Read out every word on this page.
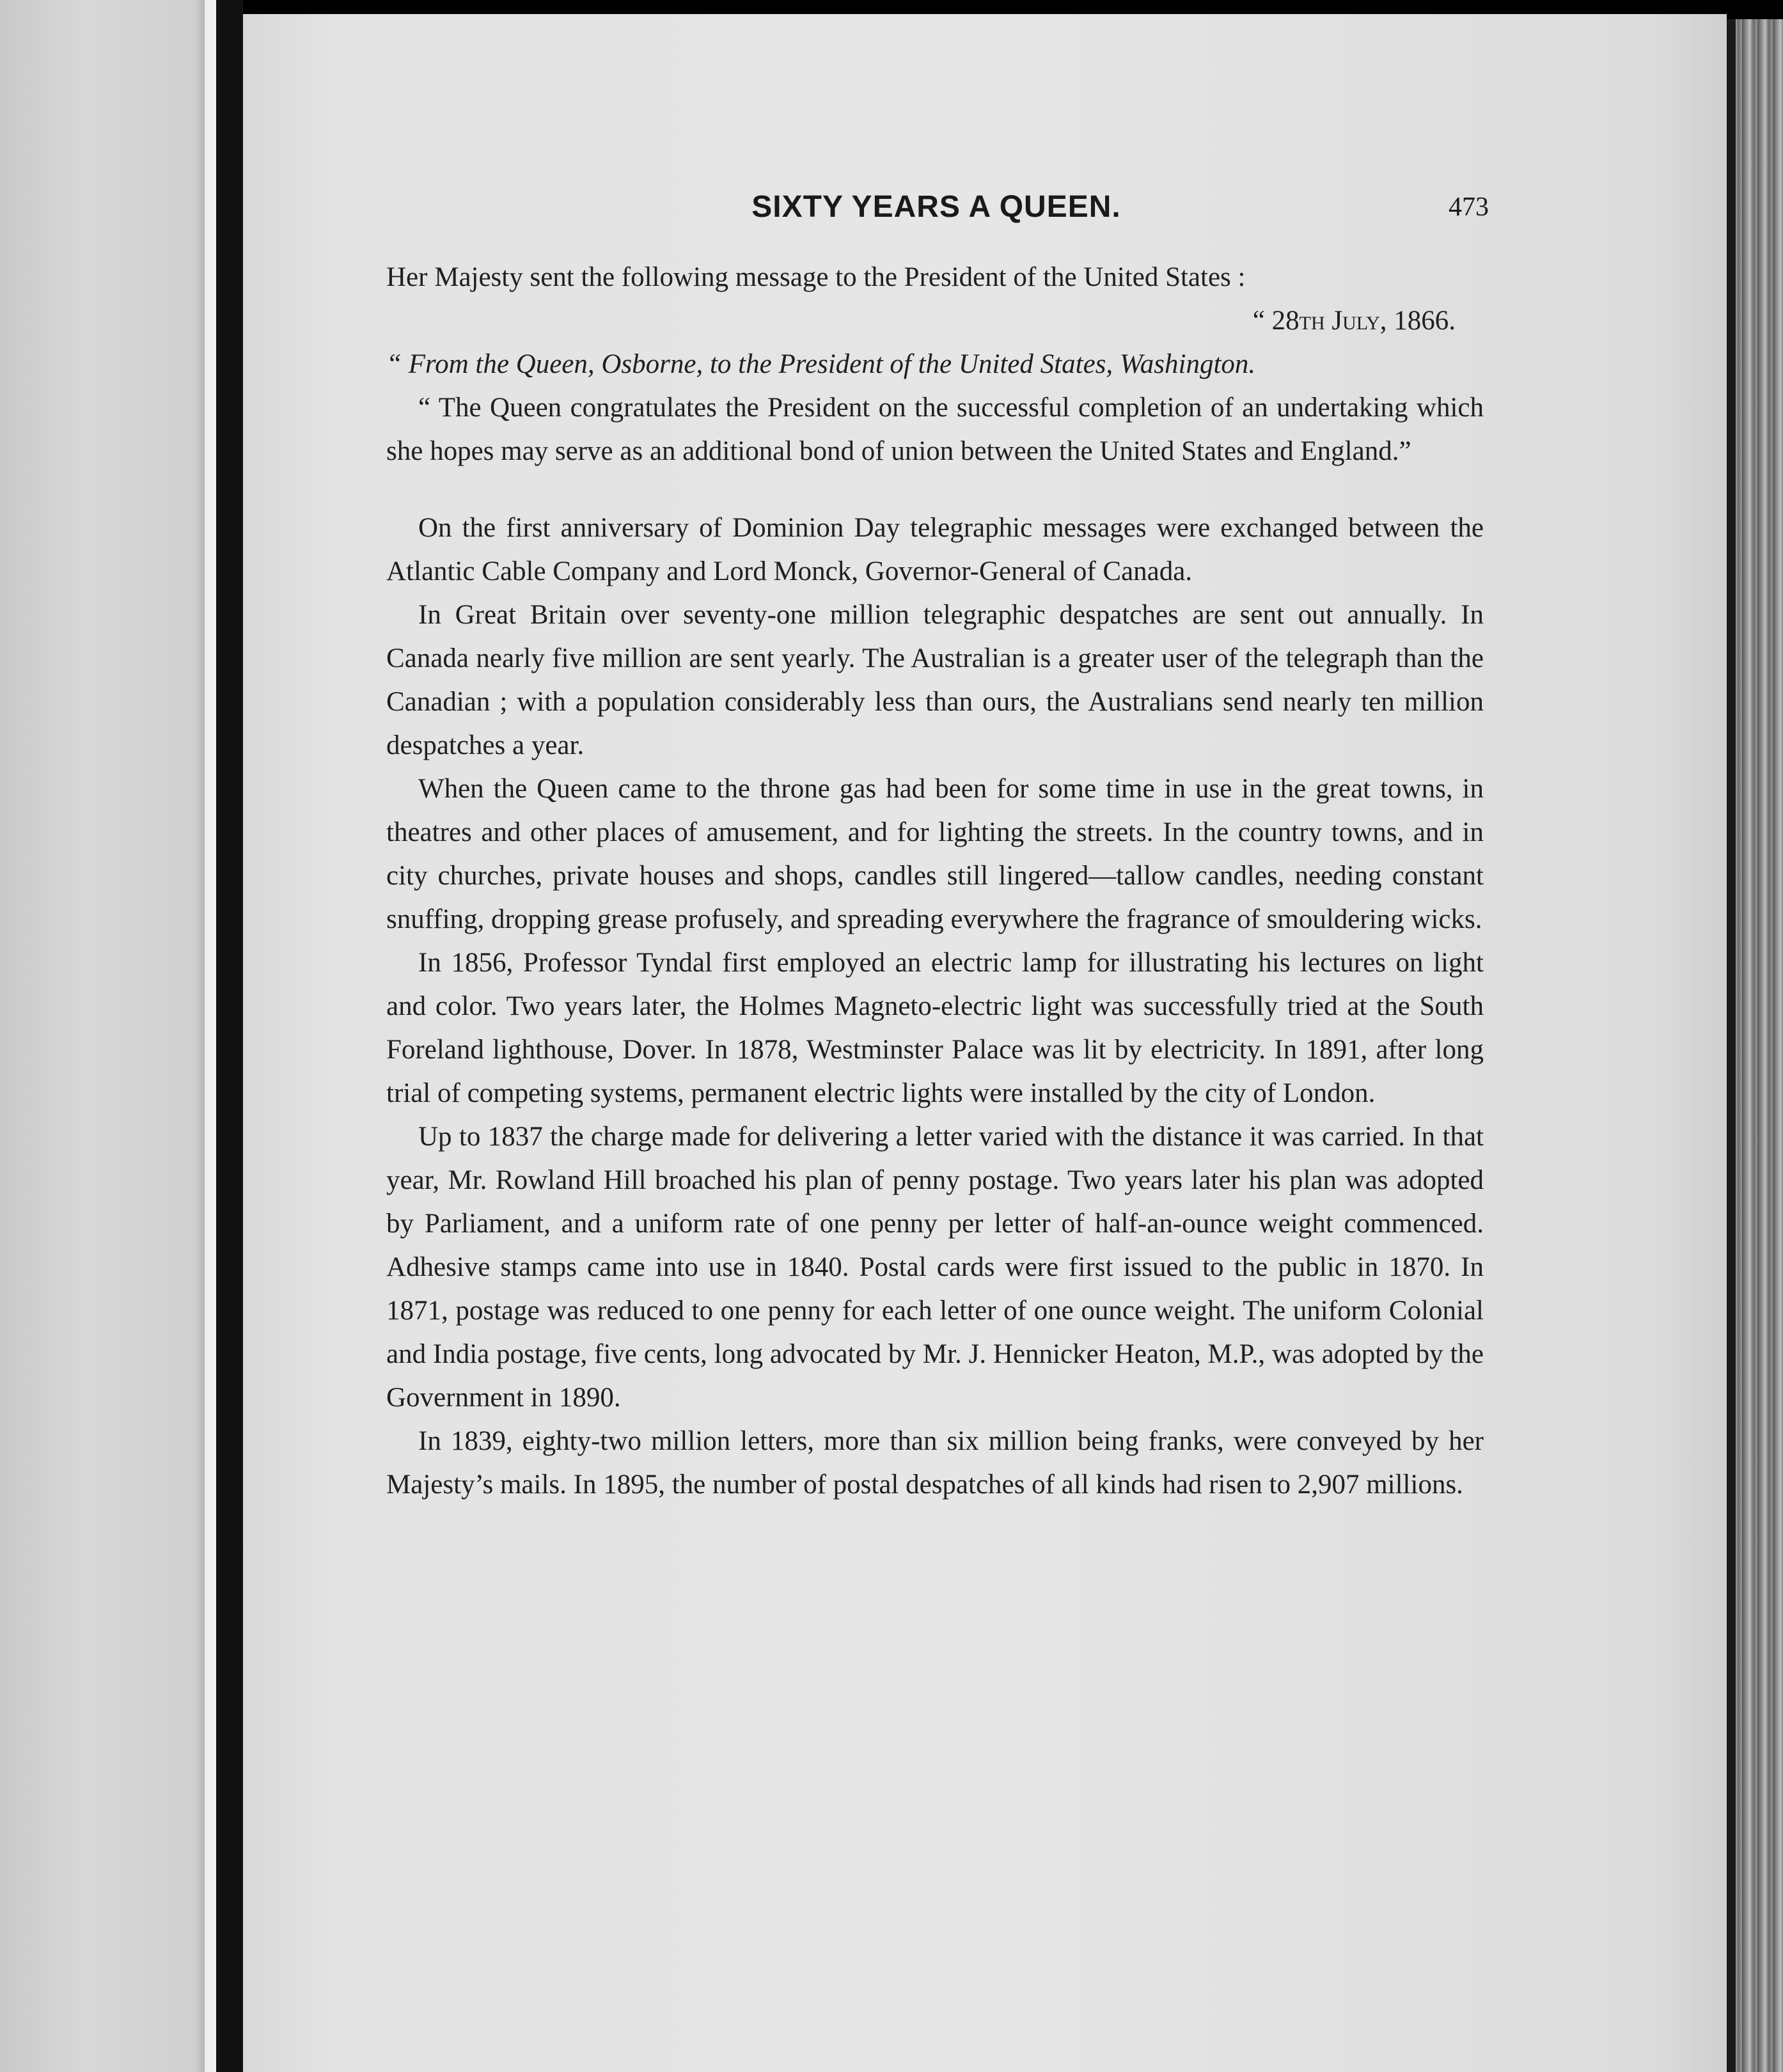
SIXTY YEARS A QUEEN.	473

Her Majesty sent the following message to the President of the United States :

“ 28th July, 1866.

“ From the Queen, Osborne, to the President of the United States, Washington.

“ The Queen congratulates the President on the successful completion of an undertaking which she hopes may serve as an additional bond of union between the United States and England.”

On the first anniversary of Dominion Day telegraphic messages were exchanged between the Atlantic Cable Company and Lord Monck, Governor-General of Canada.

In Great Britain over seventy-one million telegraphic despatches are sent out annually. In Canada nearly five million are sent yearly. The Australian is a greater user of the telegraph than the Canadian ; with a population considerably less than ours, the Australians send nearly ten million despatches a year.

When the Queen came to the throne gas had been for some time in use in the great towns, in theatres and other places of amusement, and for lighting the streets. In the country towns, and in city churches, private houses and shops, candles still lingered—tallow candles, needing constant snuffing, dropping grease profusely, and spreading everywhere the fragrance of smouldering wicks.

In 1856, Professor Tyndal first employed an electric lamp for illustrating his lectures on light and color. Two years later, the Holmes Magneto-electric light was successfully tried at the South Foreland lighthouse, Dover. In 1878, Westminster Palace was lit by electricity. In 1891, after long trial of competing systems, permanent electric lights were installed by the city of London.

Up to 1837 the charge made for delivering a letter varied with the distance it was carried. In that year, Mr. Rowland Hill broached his plan of penny postage. Two years later his plan was adopted by Parliament, and a uniform rate of one penny per letter of half-an-ounce weight commenced. Adhesive stamps came into use in 1840. Postal cards were first issued to the public in 1870. In 1871, postage was reduced to one penny for each letter of one ounce weight. The uniform Colonial and India postage, five cents, long advocated by Mr. J. Hennicker Heaton, M.P., was adopted by the Government in 1890.

In 1839, eighty-two million letters, more than six million being franks, were conveyed by her Majesty’s mails. In 1895, the number of postal despatches of all kinds had risen to 2,907 millions.
